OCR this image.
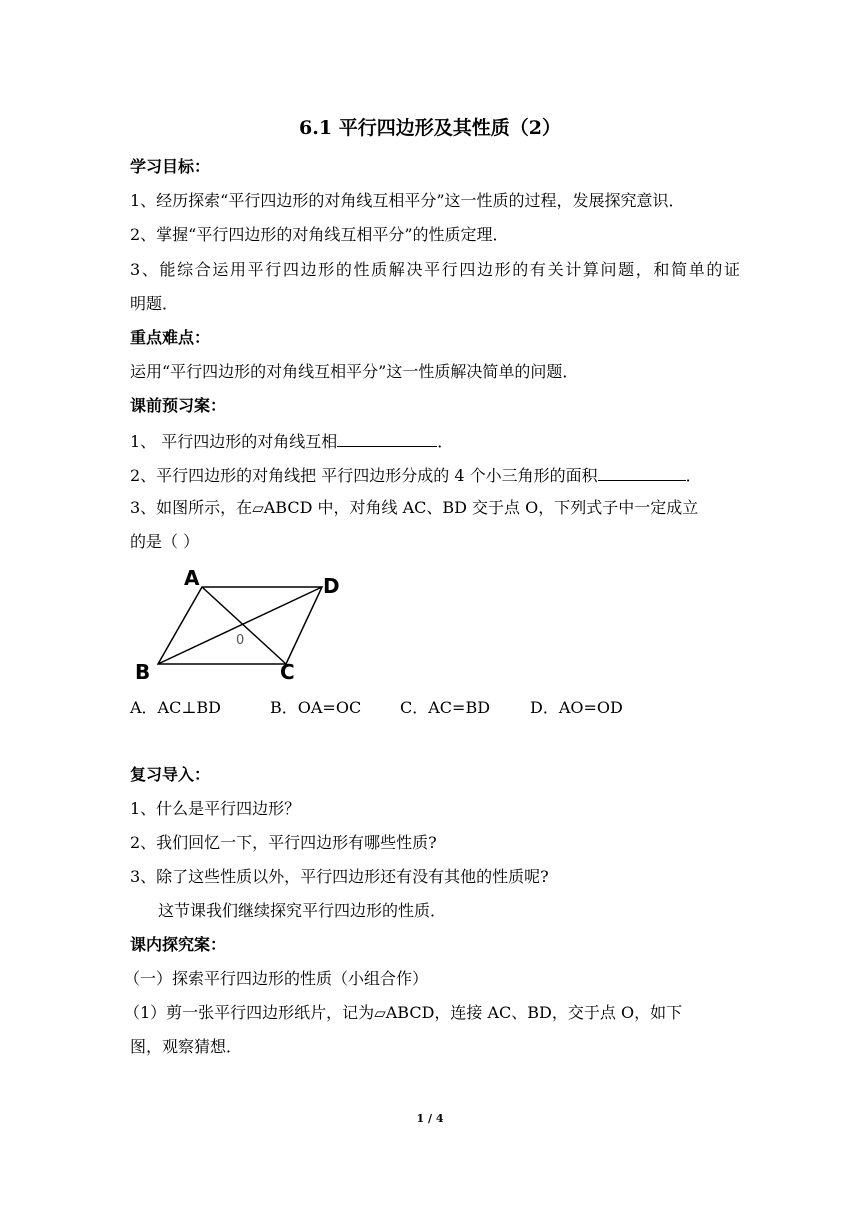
6.1 平行四边形及其性质（2）
学习目标：
1、经历探索“平行四边形的对角线互相平分”这一性质的过程，发展探究意识．
2、掌握“平行四边形的对角线互相平分”的性质定理．
3、能综合运用平行四边形的性质解决平行四边形的有关计算问题，和简单的证
明题．
重点难点：
运用“平行四边形的对角线互相平分”这一性质解决简单的问题．
课前预习案：
1、 平行四边形的对角线互相	．
2、平行四边形的对角线把 平行四边形分成的 4 个小三角形的面积	．
3、如图所示，在▱ABCD 中，对角线 AC、BD 交于点 O，下列式子中一定成立
的是（ ）
A	D
B	C
0
A．AC⊥BD	B．OA=OC C．AC=BD D．AO=OD
复习导入：
1、什么是平行四边形？
2、我们回忆一下，平行四边形有哪些性质?
3、除了这些性质以外，平行四边形还有没有其他的性质呢?
这节课我们继续探究平行四边形的性质．
课内探究案：
（一）探索平行四边形的性质（小组合作）
（1）剪一张平行四边形纸片，记为▱ABCD，连接 AC、BD，交于点 O，如下
图，观察猜想．
1 / 4
